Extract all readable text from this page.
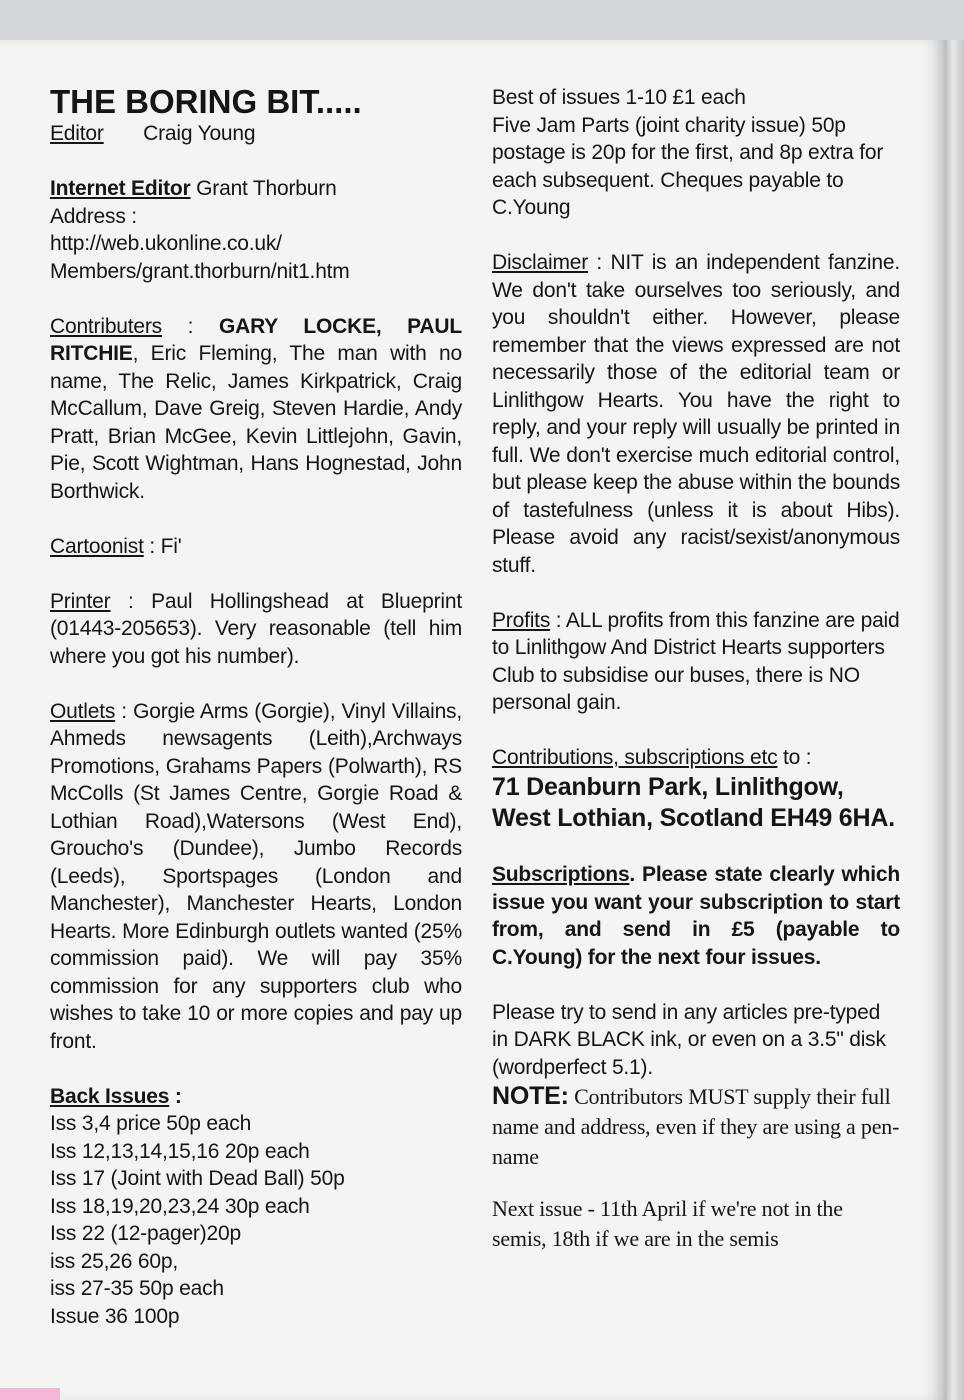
THE BORING BIT.....

Editor Craig Young

Internet Editor Grant Thorburn

Address :

http://web.ukonline.co.uk/

Members/grant.thorburn/nit1.htm

Contributers : GARY LOCKE, PAUL RITCHIE, Eric Fleming, The man with no name, The Relic, James Kirkpatrick, Craig McCallum, Dave Greig, Steven Hardie, Andy Pratt, Brian McGee, Kevin Littlejohn, Gavin, Pie, Scott Wightman, Hans Hognestad, John Borthwick.

Cartoonist : Fi'

Printer : Paul Hollingshead at Blueprint (01443-205653). Very reasonable (tell him where you got his number).

Outlets : Gorgie Arms (Gorgie), Vinyl Villains, Ahmeds newsagents (Leith),Archways Promotions, Grahams Papers (Polwarth), RS McColls (St James Centre, Gorgie Road & Lothian Road),Watersons (West End), Groucho's (Dundee), Jumbo Records (Leeds), Sportspages (London and Manchester), Manchester Hearts, London Hearts. More Edinburgh outlets wanted (25% commission paid). We will pay 35% commission for any supporters club who wishes to take 10 or more copies and pay up front.

Back Issues :

Iss 3,4 price 50p each

Iss 12,13,14,15,16 20p each

Iss 17 (Joint with Dead Ball) 50p

Iss 18,19,20,23,24 30p each

Iss 22 (12-pager)20p

iss 25,26 60p,

iss 27-35 50p each

Issue 36 100p

Best of issues 1-10 £1 each

Five Jam Parts (joint charity issue) 50p

postage is 20p for the first, and 8p extra for each subsequent. Cheques payable to C.Young

Disclaimer : NIT is an independent fanzine. We don't take ourselves too seriously, and you shouldn't either. However, please remember that the views expressed are not necessarily those of the editorial team or Linlithgow Hearts. You have the right to reply, and your reply will usually be printed in full. We don't exercise much editorial control, but please keep the abuse within the bounds of tastefulness (unless it is about Hibs). Please avoid any racist/sexist/anonymous stuff.

Profits : ALL profits from this fanzine are paid to Linlithgow And District Hearts supporters Club to subsidise our buses, there is NO personal gain.

Contributions, subscriptions etc to :

71 Deanburn Park, Linlithgow, West Lothian, Scotland EH49 6HA.

Subscriptions. Please state clearly which issue you want your subscription to start from, and send in £5 (payable to C.Young) for the next four issues.

Please try to send in any articles pre-typed in DARK BLACK ink, or even on a 3.5" disk (wordperfect 5.1).

NOTE: Contributors MUST supply their full name and address, even if they are using a pen-name

Next issue - 11th April if we're not in the semis, 18th if we are in the semis
